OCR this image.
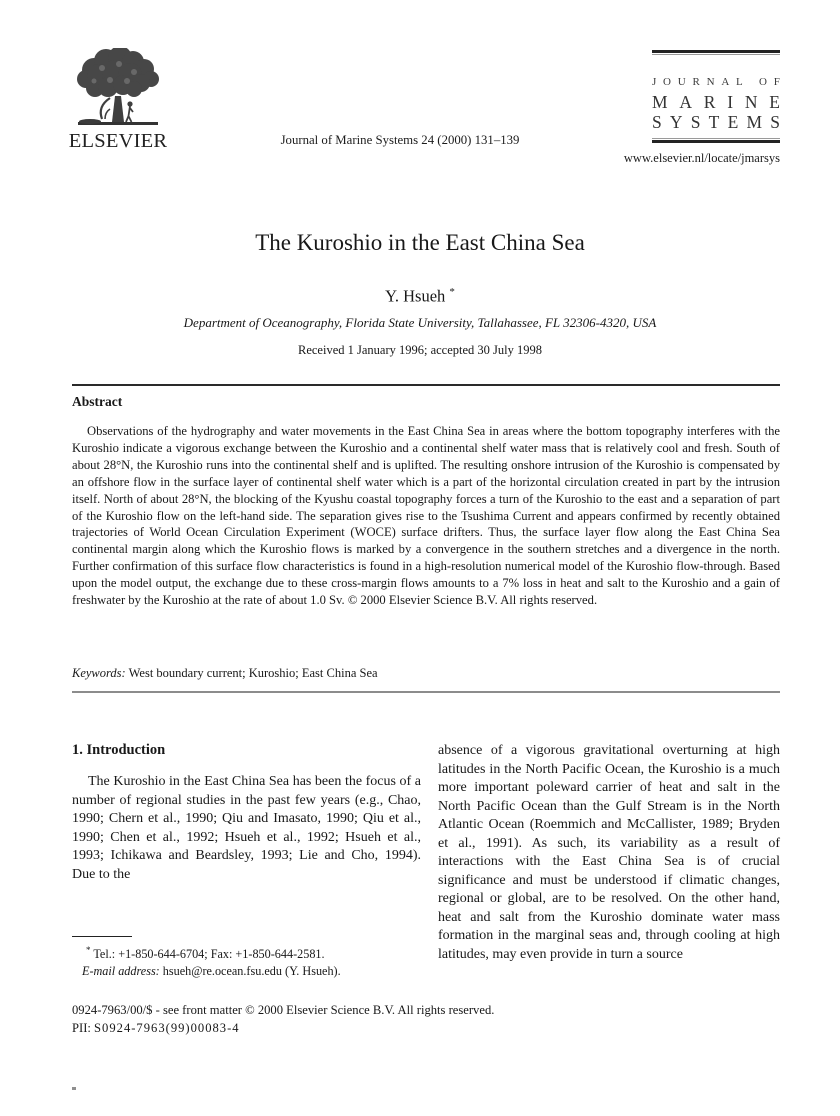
ELSEVIER	Journal of Marine Systems 24 (2000) 131–139
J O U R N A L
O F
M A R I N E
S Y S T E M S
www.elsevier.nl/locate/jmarsys
The Kuroshio in the East China Sea
Y. Hsueh *
Department of Oceanography, Florida State University, Tallahassee, FL 32306-4320, USA
Received 1 January 1996; accepted 30 July 1998
Abstract
Observations of the hydrography and water movements in the East China Sea in areas where the bottom topography interferes with the Kuroshio indicate a vigorous exchange between the Kuroshio and a continental shelf water mass that is relatively cool and fresh. South of about 28°N, the Kuroshio runs into the continental shelf and is uplifted. The resulting onshore intrusion of the Kuroshio is compensated by an offshore flow in the surface layer of continental shelf water which is a part of the horizontal circulation created in part by the intrusion itself. North of about 28°N, the blocking of the Kyushu coastal topography forces a turn of the Kuroshio to the east and a separation of part of the Kuroshio flow on the left-hand side. The separation gives rise to the Tsushima Current and appears confirmed by recently obtained trajectories of World Ocean Circulation Experiment (WOCE) surface drifters. Thus, the surface layer flow along the East China Sea continental margin along which the Kuroshio flows is marked by a convergence in the southern stretches and a divergence in the north. Further confirmation of this surface flow characteristics is found in a high-resolution numerical model of the Kuroshio flow-through. Based upon the model output, the exchange due to these cross-margin flows amounts to a 7% loss in heat and salt to the Kuroshio and a gain of freshwater by the Kuroshio at the rate of about 1.0 Sv. © 2000 Elsevier Science B.V. All rights reserved.
Keywords: West boundary current; Kuroshio; East China Sea
1. Introduction

The Kuroshio in the East China Sea has been the focus of a number of regional studies in the past few years (e.g., Chao, 1990; Chern et al., 1990; Qiu and Imasato, 1990; Qiu et al., 1990; Chen et al., 1992; Hsueh et al., 1992; Hsueh et al., 1993; Ichikawa and Beardsley, 1993; Lie and Cho, 1994). Due to the

absence of a vigorous gravitational overturning at high latitudes in the North Pacific Ocean, the Kuroshio is a much more important poleward carrier of heat and salt in the North Pacific Ocean than the Gulf Stream is in the North Atlantic Ocean (Roemmich and McCallister, 1989; Bryden et al., 1991). As such, its variability as a result of interactions with the East China Sea is of crucial significance and must be understood if climatic changes, regional or global, are to be resolved. On the other hand, heat and salt from the Kuroshio dominate water mass formation in the marginal seas and, through cooling at high latitudes, may even provide in turn a source

* Tel.: +1-850-644-6704; Fax: +1-850-644-2581.
E-mail address: hsueh@re.ocean.fsu.edu (Y. Hsueh).
0924-7963/00/$ - see front matter © 2000 Elsevier Science B.V. All rights reserved.
PII: S0924-7963(99)00083-4
